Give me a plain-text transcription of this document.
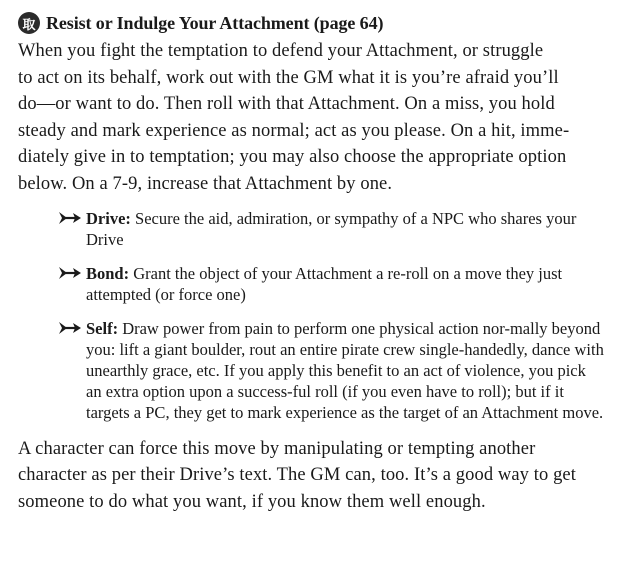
取 Resist or Indulge Your Attachment (page 64)

When you fight the temptation to defend your Attachment, or struggle
to act on its behalf, work out with the GM what it is you’re afraid you’ll
do—or want to do. Then roll with that Attachment. On a miss, you hold
steady and mark experience as normal; act as you please. On a hit, imme-
diately give in to temptation; you may also choose the appropriate option
below. On a 7-9, increase that Attachment by one.

Drive: Secure the aid, admiration, or sympathy of a NPC who shares your Drive
Bond: Grant the object of your Attachment a re-roll on a move they just attempted (or force one)
Self: Draw power from pain to perform one physical action nor-mally beyond you: lift a giant boulder, rout an entire pirate crew single-handedly, dance with unearthly grace, etc. If you apply this benefit to an act of violence, you pick an extra option upon a success-ful roll (if you even have to roll); but if it targets a PC, they get to mark experience as the target of an Attachment move.

A character can force this move by manipulating or tempting another
character as per their Drive’s text. The GM can, too. It’s a good way to get
someone to do what you want, if you know them well enough.
